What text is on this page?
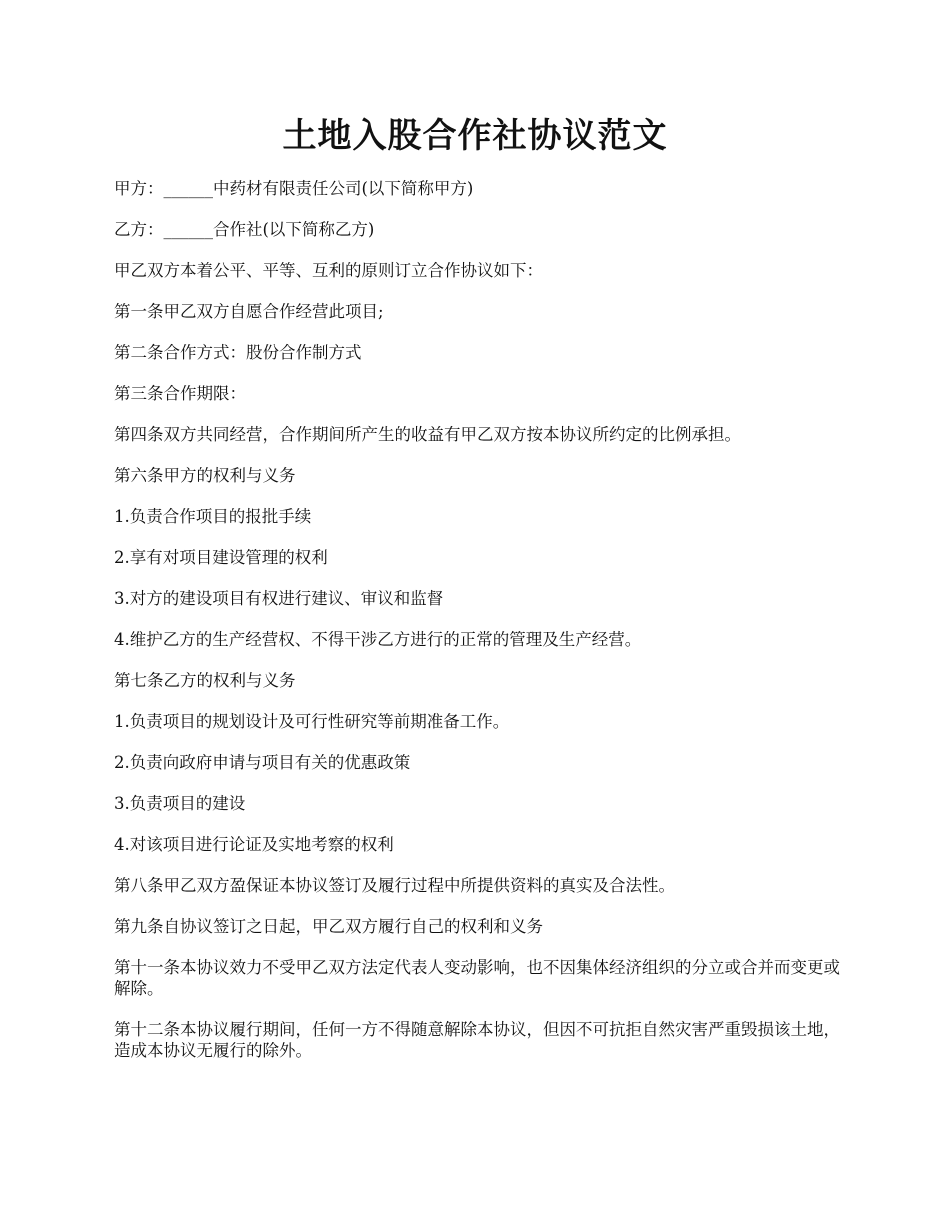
土地入股合作社协议范文

甲方：______中药材有限责任公司(以下简称甲方)

乙方：______合作社(以下简称乙方)

甲乙双方本着公平、平等、互利的原则订立合作协议如下：

第一条甲乙双方自愿合作经营此项目;

第二条合作方式：股份合作制方式

第三条合作期限：

第四条双方共同经营，合作期间所产生的收益有甲乙双方按本协议所约定的比例承担。

第六条甲方的权利与义务

1.负责合作项目的报批手续

2.享有对项目建设管理的权利

3.对方的建设项目有权进行建议、审议和监督

4.维护乙方的生产经营权、不得干涉乙方进行的正常的管理及生产经营。

第七条乙方的权利与义务

1.负责项目的规划设计及可行性研究等前期准备工作。

2.负责向政府申请与项目有关的优惠政策

3.负责项目的建设

4.对该项目进行论证及实地考察的权利

第八条甲乙双方盈保证本协议签订及履行过程中所提供资料的真实及合法性。

第九条自协议签订之日起，甲乙双方履行自己的权利和义务

第十一条本协议效力不受甲乙双方法定代表人变动影响，也不因集体经济组织的分立或合并而变更或解除。

第十二条本协议履行期间，任何一方不得随意解除本协议，但因不可抗拒自然灾害严重毁损该土地，造成本协议无履行的除外。
